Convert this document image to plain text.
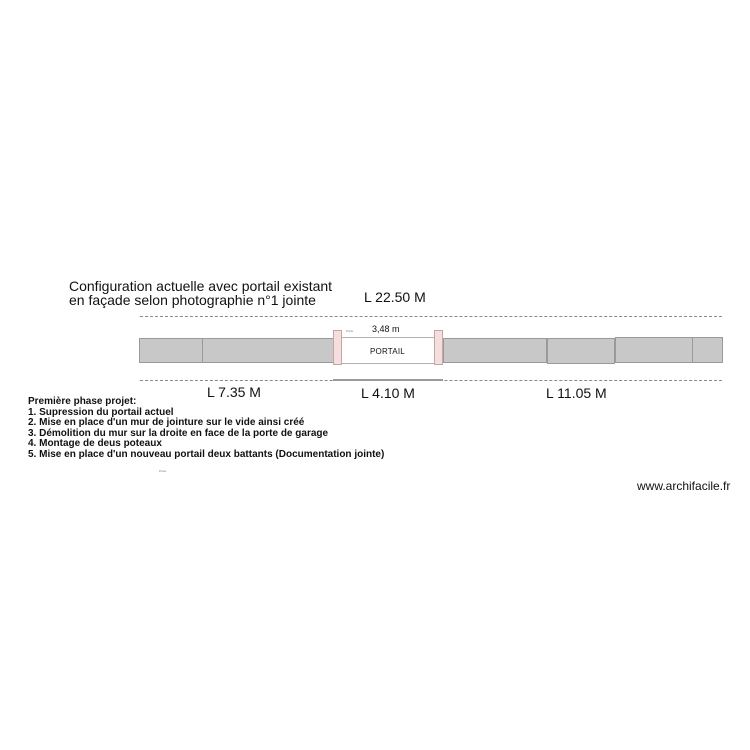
Configuration actuelle avec portail existant
en façade selon photographie n°1 jointe	L 22.50 M
Porte 3,48 m
PORTAIL
L 7.35 M	L 4.10 M	L 11.05 M
Première phase projet:
1. Supression du portail actuel
2. Mise en place d'un mur de jointure sur le vide ainsi créé
3. Démolition du mur sur la droite en face de la porte de garage
4. Montage de deus poteaux
5. Mise en place d'un nouveau portail deux battants (Documentation jointe)
Porte
www.archifacile.fr
